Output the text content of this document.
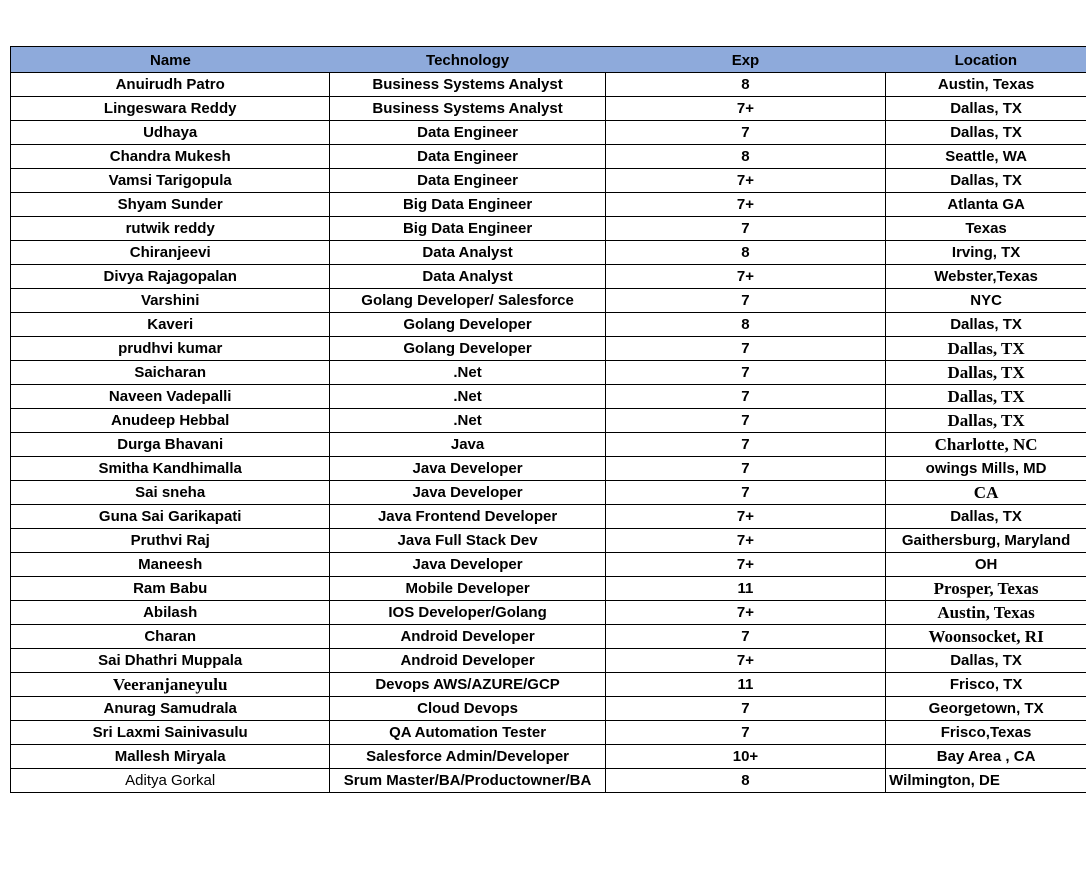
Name	Technology	Exp	Location
Anuirudh Patro	Business Systems Analyst	8	Austin, Texas
Lingeswara Reddy	Business Systems Analyst	7+	Dallas, TX
Udhaya	Data Engineer	7	Dallas, TX
Chandra Mukesh	Data Engineer	8	Seattle, WA
Vamsi Tarigopula	Data Engineer	7+	Dallas, TX
Shyam Sunder	Big Data Engineer	7+	Atlanta GA
rutwik reddy	Big Data Engineer	7	Texas
Chiranjeevi	Data Analyst	8	Irving, TX
Divya Rajagopalan	Data Analyst	7+	Webster,Texas
Varshini	Golang Developer/ Salesforce	7	NYC
Kaveri	Golang Developer	8	Dallas, TX
prudhvi kumar	Golang Developer	7	Dallas, TX
Saicharan	.Net	7	Dallas, TX
Naveen Vadepalli	.Net	7	Dallas, TX
Anudeep Hebbal	.Net	7	Dallas, TX
Durga Bhavani	Java	7	Charlotte, NC
Smitha Kandhimalla	Java Developer	7	owings Mills, MD
Sai sneha	Java Developer	7	CA
Guna Sai Garikapati	Java Frontend Developer	7+	Dallas, TX
Pruthvi Raj	Java Full Stack Dev	7+	Gaithersburg, Maryland
Maneesh	Java Developer	7+	OH
Ram Babu	Mobile Developer	11	Prosper, Texas
Abilash	IOS Developer/Golang	7+	Austin, Texas
Charan	Android Developer	7	Woonsocket, RI
Sai Dhathri Muppala	Android Developer	7+	Dallas, TX
Veeranjaneyulu	Devops AWS/AZURE/GCP	11	Frisco, TX
Anurag Samudrala	Cloud Devops	7	Georgetown, TX
Sri Laxmi Sainivasulu	QA Automation Tester	7	Frisco,Texas
Mallesh Miryala	Salesforce Admin/Developer	10+	Bay Area , CA
Aditya Gorkal	Srum Master/BA/Productowner/BA	8	Wilmington, DE
